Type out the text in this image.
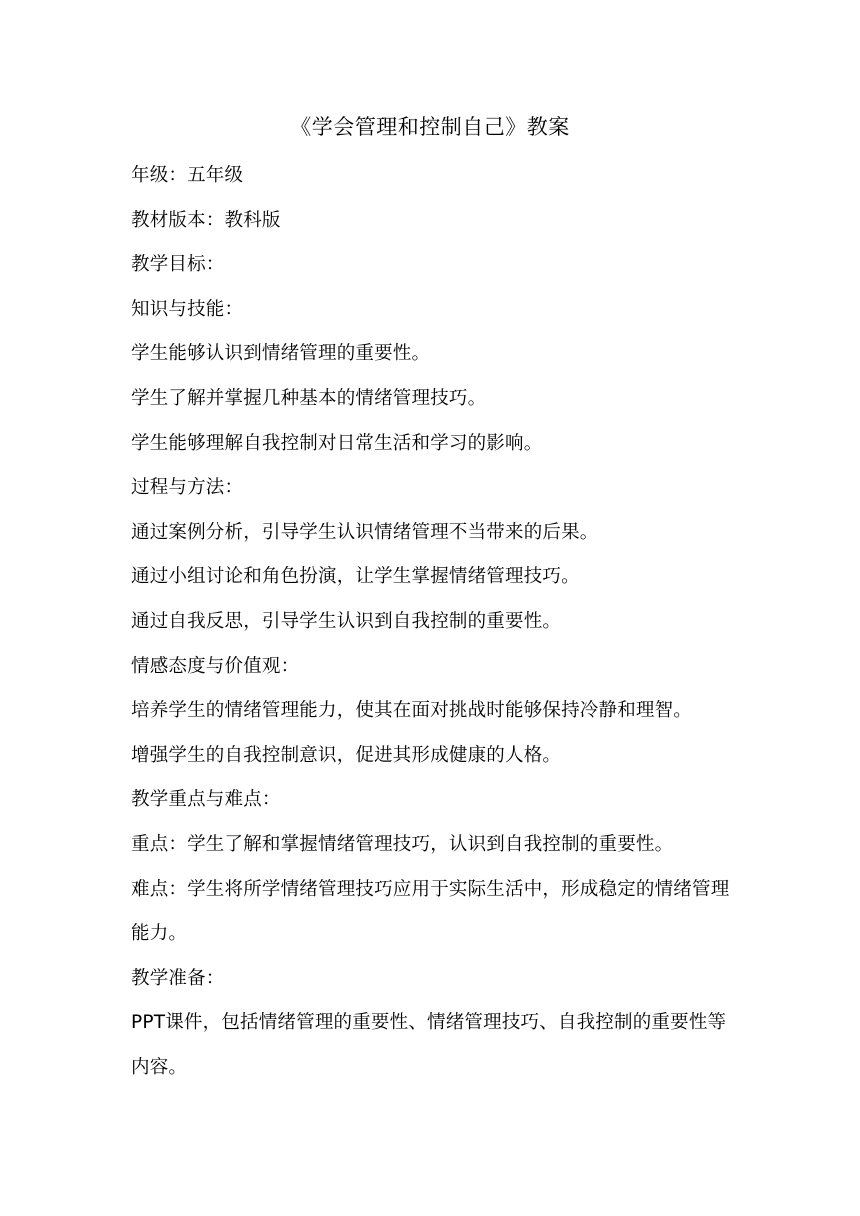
《学会管理和控制自己》教案
年级：五年级
教材版本：教科版
教学目标：
知识与技能：
学生能够认识到情绪管理的重要性。
学生了解并掌握几种基本的情绪管理技巧。
学生能够理解自我控制对日常生活和学习的影响。
过程与方法：
通过案例分析，引导学生认识情绪管理不当带来的后果。
通过小组讨论和角色扮演，让学生掌握情绪管理技巧。
通过自我反思，引导学生认识到自我控制的重要性。
情感态度与价值观：
培养学生的情绪管理能力，使其在面对挑战时能够保持冷静和理智。
增强学生的自我控制意识，促进其形成健康的人格。
教学重点与难点：
重点：学生了解和掌握情绪管理技巧，认识到自我控制的重要性。
难点：学生将所学情绪管理技巧应用于实际生活中，形成稳定的情绪管理能力。
教学准备：
PPT课件，包括情绪管理的重要性、情绪管理技巧、自我控制的重要性等内容。
